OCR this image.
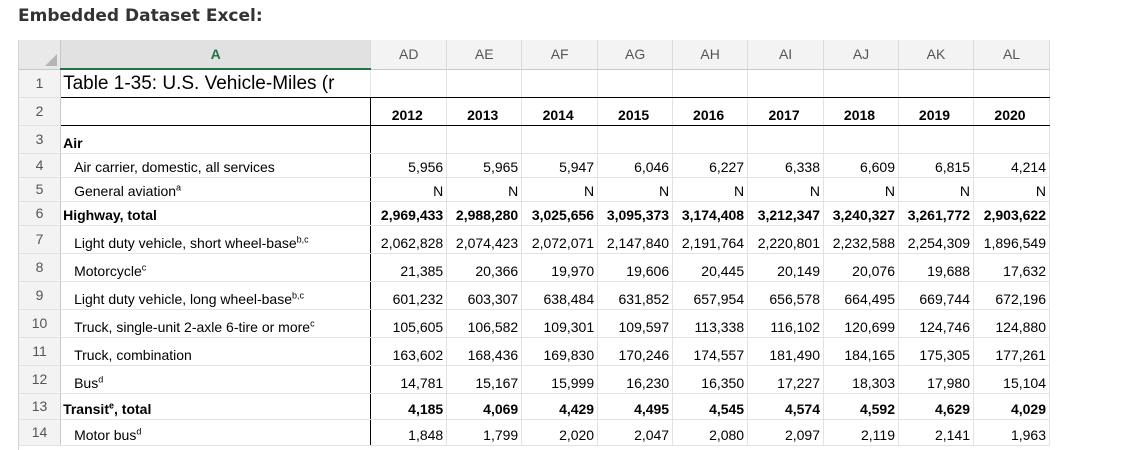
Embedded Dataset Excel:
	A	AD	AE	AF	AG	AH	AI	AJ	AK	AL
1	Table 1-35: U.S. Vehicle-Miles (r									
2		2012	2013	2014	2015	2016	2017	2018	2019	2020
3	Air									
4	Air carrier, domestic, all services	5,956	5,965	5,947	6,046	6,227	6,338	6,609	6,815	4,214
5	General aviation$^a$	N	N	N	N	N	N	N	N	N
6	Highway, total	2,969,433	2,988,280	3,025,656	3,095,373	3,174,408	3,212,347	3,240,327	3,261,772	2,903,622
7	Light duty vehicle, short wheel-base$^{b,c}$	2,062,828	2,074,423	2,072,071	2,147,840	2,191,764	2,220,801	2,232,588	2,254,309	1,896,549
8	Motorcycle$^c$	21,385	20,366	19,970	19,606	20,445	20,149	20,076	19,688	17,632
9	Light duty vehicle, long wheel-base$^{b,c}$	601,232	603,307	638,484	631,852	657,954	656,578	664,495	669,744	672,196
10	Truck, single-unit 2-axle 6-tire or more$^c$	105,605	106,582	109,301	109,597	113,338	116,102	120,699	124,746	124,880
11	Truck, combination	163,602	168,436	169,830	170,246	174,557	181,490	184,165	175,305	177,261
12	Bus$^d$	14,781	15,167	15,999	16,230	16,350	17,227	18,303	17,980	15,104
13	Transit$^e$, total	4,185	4,069	4,429	4,495	4,545	4,574	4,592	4,629	4,029
14	Motor bus$^d$	1,848	1,799	2,020	2,047	2,080	2,097	2,119	2,141	1,963
